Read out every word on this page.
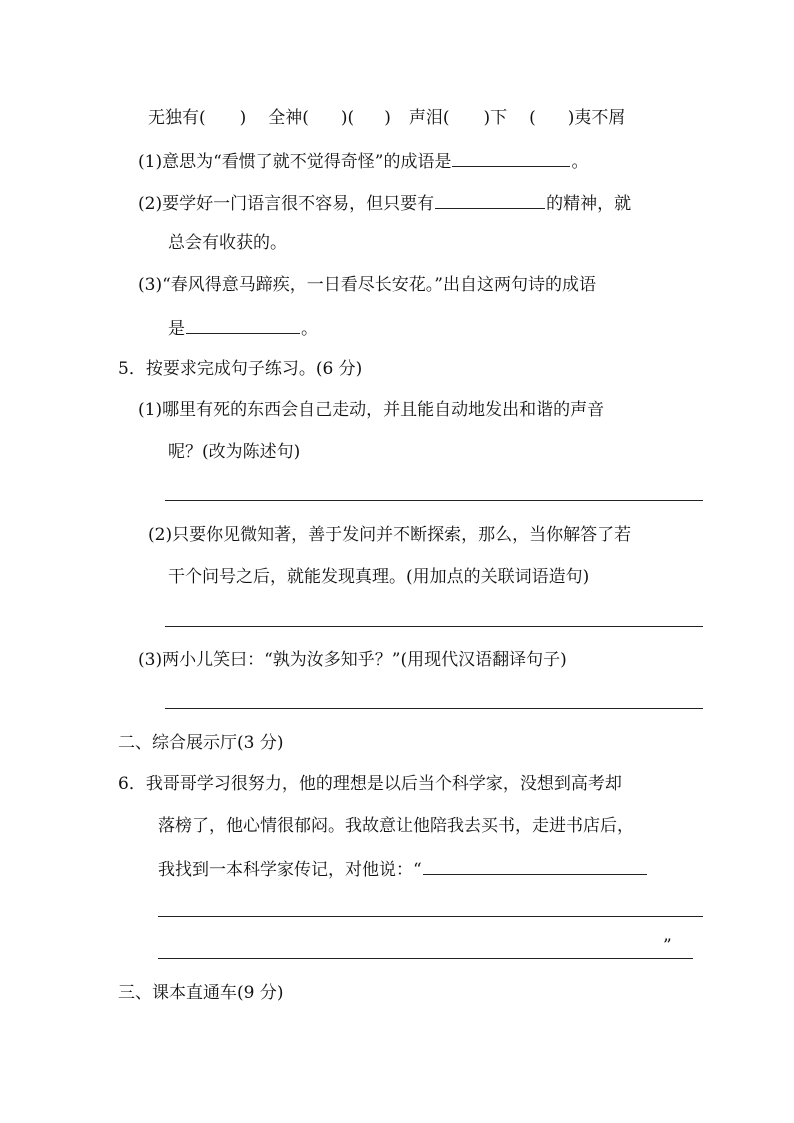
无独有( ) 全神( )( ) 声泪( )下 ( )夷不屑
(1)意思为“看惯了就不觉得奇怪”的成语是	。
(2)要学好一门语言很不容易，但只要有	的精神，就
总会有收获的。
(3)“春风得意马蹄疾，一日看尽长安花。”出自这两句诗的成语
是	。
5．按要求完成句子练习。(6 分)
(1)哪里有死的东西会自己走动，并且能自动地发出和谐的声音
呢？(改为陈述句)
(2)只要你见微知著，善于发问并不断探索，那么，当你解答了若
干个问号之后，就能发现真理。(用加点的关联词语造句)
(3)两小儿笑曰：“孰为汝多知乎？”(用现代汉语翻译句子)
二、综合展示厅(3 分)
6．我哥哥学习很努力，他的理想是以后当个科学家，没想到高考却
落榜了，他心情很郁闷。我故意让他陪我去买书，走进书店后，
我找到一本科学家传记，对他说：“
”
三、课本直通车(9 分)
